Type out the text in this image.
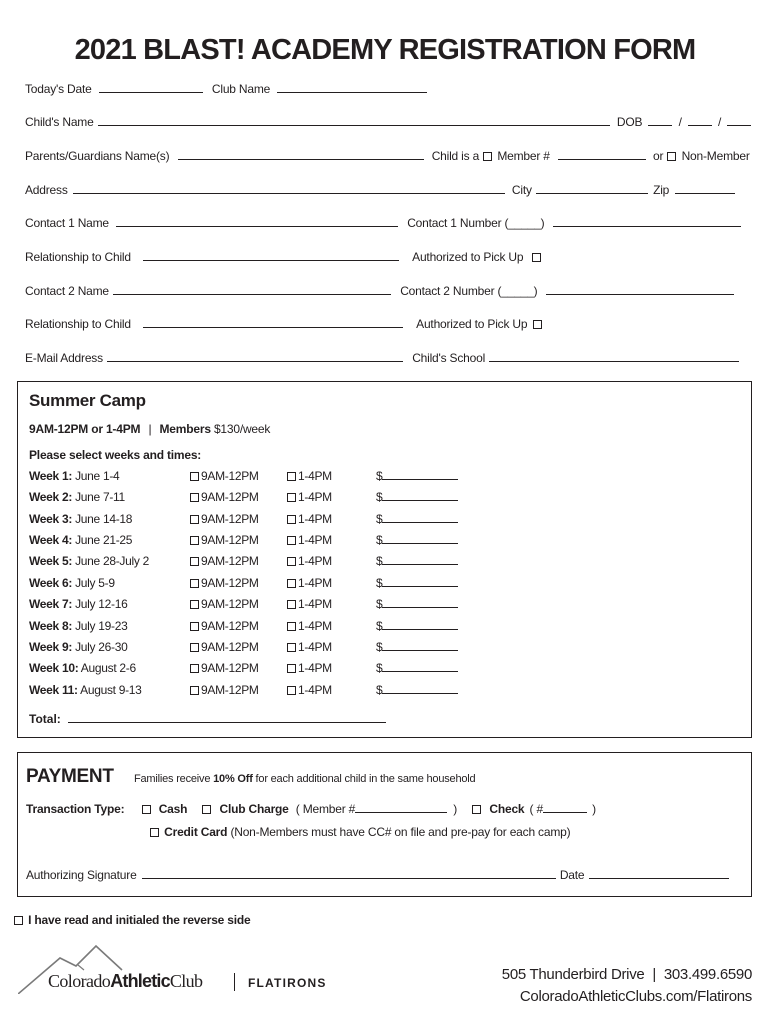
2021 BLAST! ACADEMY REGISTRATION FORM
Today's Date	Club Name
Child's Name	DOB	/	/
Parents/Guardians Name(s)	Child is a Member #	or Non-Member
Address	City	Zip
Contact 1 Name	Contact 1 Number (_____)
Relationship to Child	Authorized to Pick Up
Contact 2 Name	Contact 2 Number (_____)
Relationship to Child	Authorized to Pick Up
E-Mail Address	Child's School
Summer Camp
9AM-12PM or 1-4PM | Members $130/week
Please select weeks and times:
Week 1: June 1-4	9AM-12PM	1-4PM	$
Week 2: June 7-11	9AM-12PM	1-4PM	$
Week 3: June 14-18	9AM-12PM	1-4PM	$
Week 4: June 21-25	9AM-12PM	1-4PM	$
Week 5: June 28-July 2	9AM-12PM	1-4PM	$
Week 6: July 5-9	9AM-12PM	1-4PM	$
Week 7: July 12-16	9AM-12PM	1-4PM	$
Week 8: July 19-23	9AM-12PM	1-4PM	$
Week 9: July 26-30	9AM-12PM	1-4PM	$
Week 10: August 2-6	9AM-12PM	1-4PM	$
Week 11: August 9-13	9AM-12PM	1-4PM	$
Total:
PAYMENT Families receive 10% Off for each additional child in the same household
Transaction Type:	Cash	Club Charge ( Member #	)	Check ( #	)
Credit Card (Non-Members must have CC# on file and pre-pay for each camp)
Authorizing Signature	Date
I have read and initialed the reverse side
ColoradoAthleticClub	FLATIRONS	505 Thunderbird Drive | 303.499.6590
ColoradoAthleticClubs.com/Flatirons
